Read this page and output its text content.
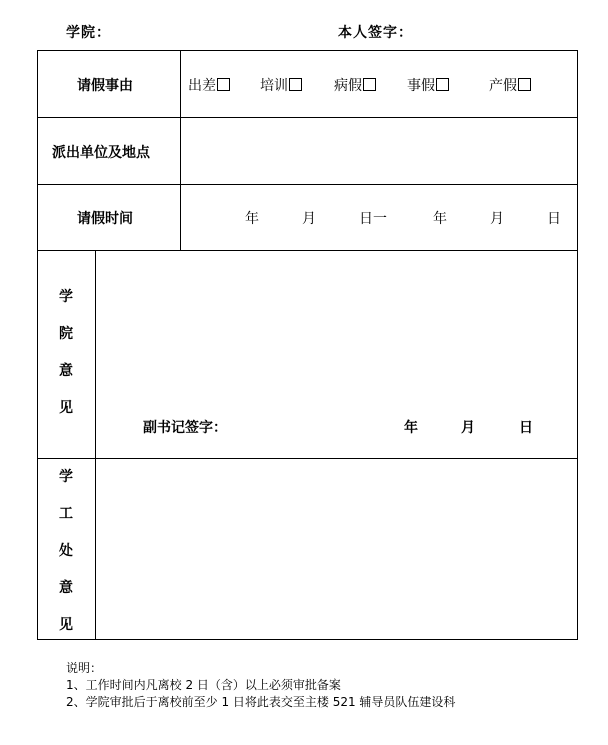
学院：	本人签字：
请假事由	出差	培训	病假	事假	产假
派出单位及地点
请假时间	年	月	日一	年	月	日
学
院
意
见
副书记签字：	年	月	日
学
工
处
意
见
说明：
1、工作时间内凡离校 2 日（含）以上必须审批备案
2、学院审批后于离校前至少 1 日将此表交至主楼 521 辅导员队伍建设科
